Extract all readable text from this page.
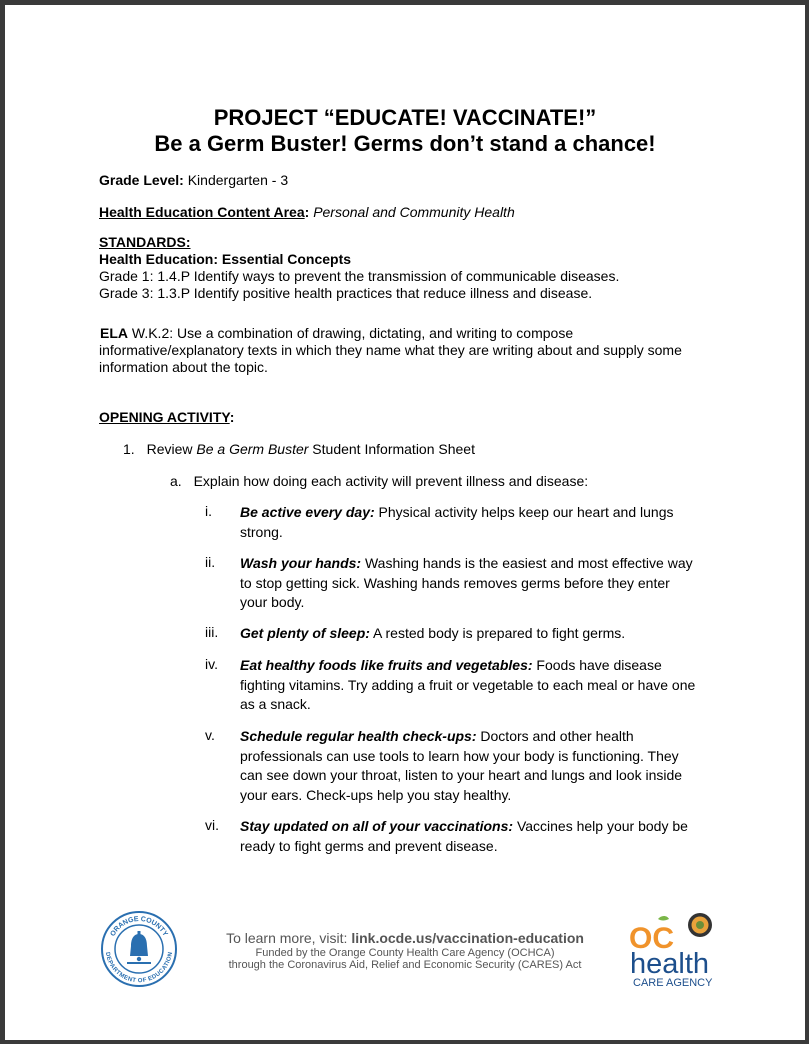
PROJECT “EDUCATE! VACCINATE!”
Be a Germ Buster! Germs don’t stand a chance!
Grade Level: Kindergarten - 3
Health Education Content Area: Personal and Community Health

STANDARDS:

Health Education: Essential Concepts

Grade 1: 1.4.P Identify ways to prevent the transmission of communicable diseases.

Grade 3: 1.3.P Identify positive health practices that reduce illness and disease.

ELA W.K.2: Use a combination of drawing, dictating, and writing to compose

informative/explanatory texts in which they name what they are writing about and supply some

information about the topic.

OPENING ACTIVITY:
1. Review Be a Germ Buster Student Information Sheet
a. Explain how doing each activity will prevent illness and disease:
i.	Be active every day: Physical activity helps keep our heart and lungs
strong.
ii.	Wash your hands: Washing hands is the easiest and most effective way
to stop getting sick. Washing hands removes germs before they enter
your body.
iii.	Get plenty of sleep: A rested body is prepared to fight germs.
iv.	Eat healthy foods like fruits and vegetables: Foods have disease
fighting vitamins. Try adding a fruit or vegetable to each meal or have one
as a snack.
v.	Schedule regular health check-ups: Doctors and other health
professionals can use tools to learn how your body is functioning. They
can see down your throat, listen to your heart and lungs and look inside
your ears. Check-ups help you stay healthy.
vi.	Stay updated on all of your vaccinations: Vaccines help your body be
ready to fight germs and prevent disease.
ORANGE COUNTY
DEPARTMENT OF EDUCATION

To learn more, visit: link.ocde.us/vaccination-education

Funded by the Orange County Health Care Agency (OCHCA)

through the Coronavirus Aid, Relief and Economic Security (CARES) Act

OC
health
CARE AGENCY
